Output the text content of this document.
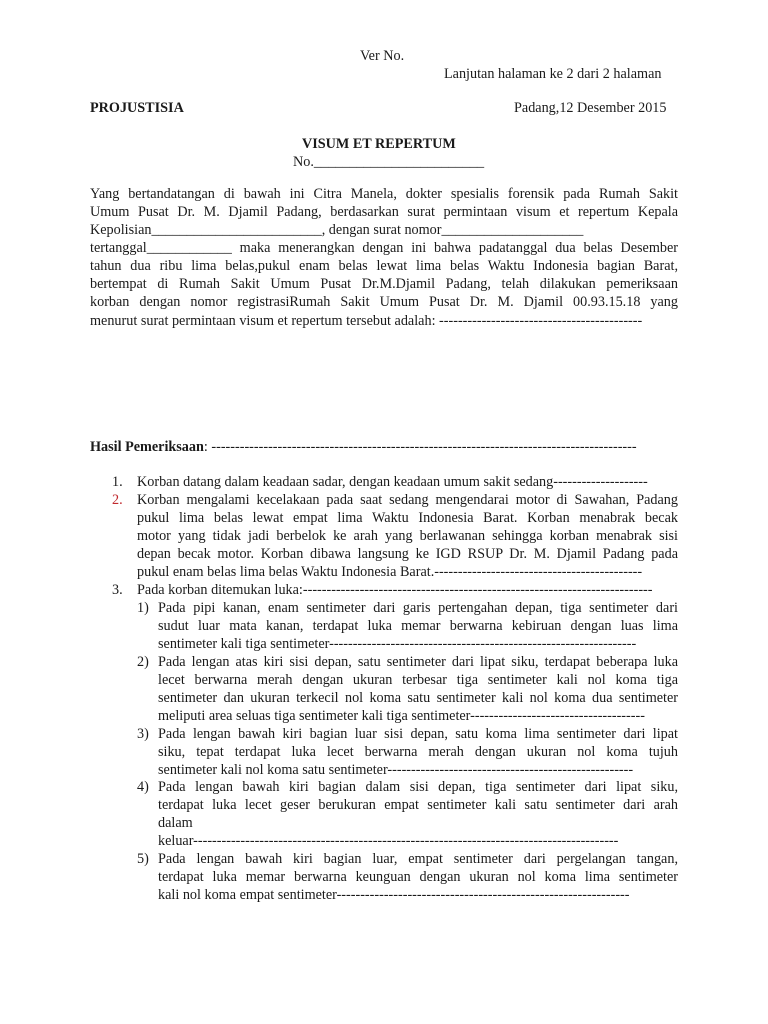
Ver No.
Lanjutan halaman ke 2 dari 2 halaman
PROJUSTISIA	Padang,12 Desember 2015
VISUM ET REPERTUM
No.________________________
Yang bertandatangan di bawah ini Citra Manela, dokter spesialis forensik pada Rumah Sakit
Umum Pusat Dr. M. Djamil Padang, berdasarkan surat permintaan visum et repertum Kepala
Kepolisian________________________, dengan surat nomor____________________
tertanggal____________ maka menerangkan dengan ini bahwa padatanggal dua belas Desember
tahun dua ribu lima belas,pukul enam belas lewat lima belas Waktu Indonesia bagian Barat,
bertempat di Rumah Sakit Umum Pusat Dr.M.Djamil Padang, telah dilakukan pemeriksaan
korban dengan nomor registrasiRumah Sakit Umum Pusat Dr. M. Djamil 00.93.15.18 yang
menurut surat permintaan visum et repertum tersebut adalah: -------------------------------------------
Hasil Pemeriksaan: ------------------------------------------------------------------------------------------
1. Korban datang dalam keadaan sadar, dengan keadaan umum sakit sedang--------------------
2. Korban mengalami kecelakaan pada saat sedang mengendarai motor di Sawahan, Padang
pukul lima belas lewat empat lima Waktu Indonesia Barat. Korban menabrak becak
motor yang tidak jadi berbelok ke arah yang berlawanan sehingga korban menabrak sisi
depan becak motor. Korban dibawa langsung ke IGD RSUP Dr. M. Djamil Padang pada
pukul enam belas lima belas Waktu Indonesia Barat.--------------------------------------------
3. Pada korban ditemukan luka:--------------------------------------------------------------------------
1) Pada pipi kanan, enam sentimeter dari garis pertengahan depan, tiga sentimeter dari
sudut luar mata kanan, terdapat luka memar berwarna kebiruan dengan luas lima
sentimeter kali tiga sentimeter-----------------------------------------------------------------
2) Pada lengan atas kiri sisi depan, satu sentimeter dari lipat siku, terdapat beberapa luka
lecet berwarna merah dengan ukuran terbesar tiga sentimeter kali nol koma tiga
sentimeter dan ukuran terkecil nol koma satu sentimeter kali nol koma dua sentimeter
meliputi area seluas tiga sentimeter kali tiga sentimeter-------------------------------------
3) Pada lengan bawah kiri bagian luar sisi depan, satu koma lima sentimeter dari lipat
siku, tepat terdapat luka lecet berwarna merah dengan ukuran nol koma tujuh
sentimeter kali nol koma satu sentimeter----------------------------------------------------
4) Pada lengan bawah kiri bagian dalam sisi depan, tiga sentimeter dari lipat siku,
terdapat luka lecet geser berukuran empat sentimeter kali satu sentimeter dari arah
dalam
keluar------------------------------------------------------------------------------------------
5) Pada lengan bawah kiri bagian luar, empat sentimeter dari pergelangan tangan,
terdapat luka memar berwarna keunguan dengan ukuran nol koma lima sentimeter
kali nol koma empat sentimeter--------------------------------------------------------------
